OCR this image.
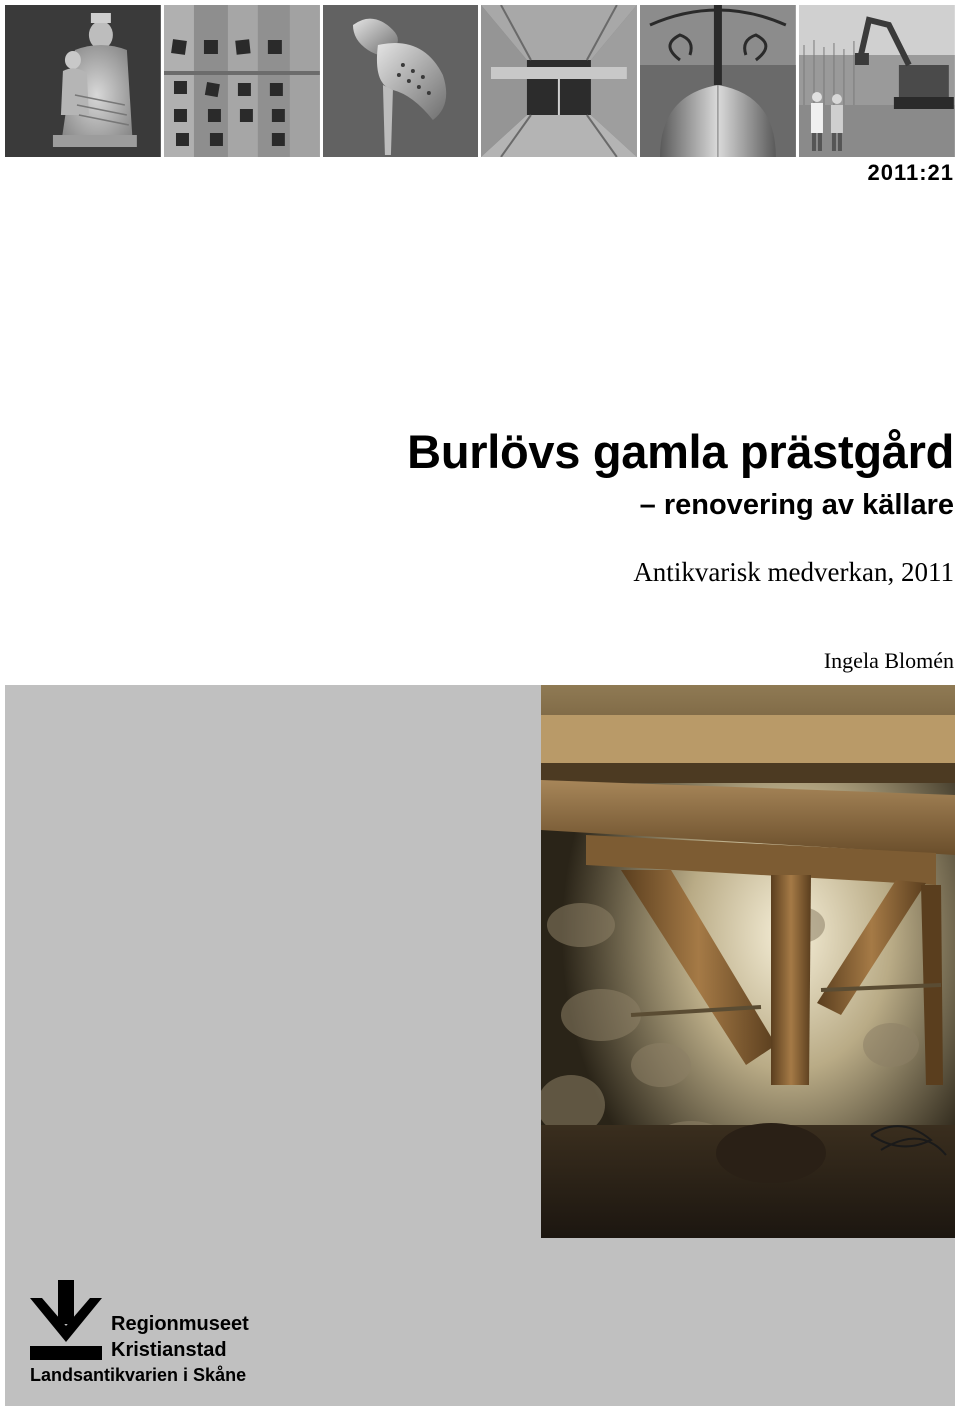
2011:21
Burlövs gamla prästgård
– renovering av källare
Antikvarisk medverkan, 2011
Ingela Blomén
Regionmuseet
Kristianstad
Landsantikvarien i Skåne
